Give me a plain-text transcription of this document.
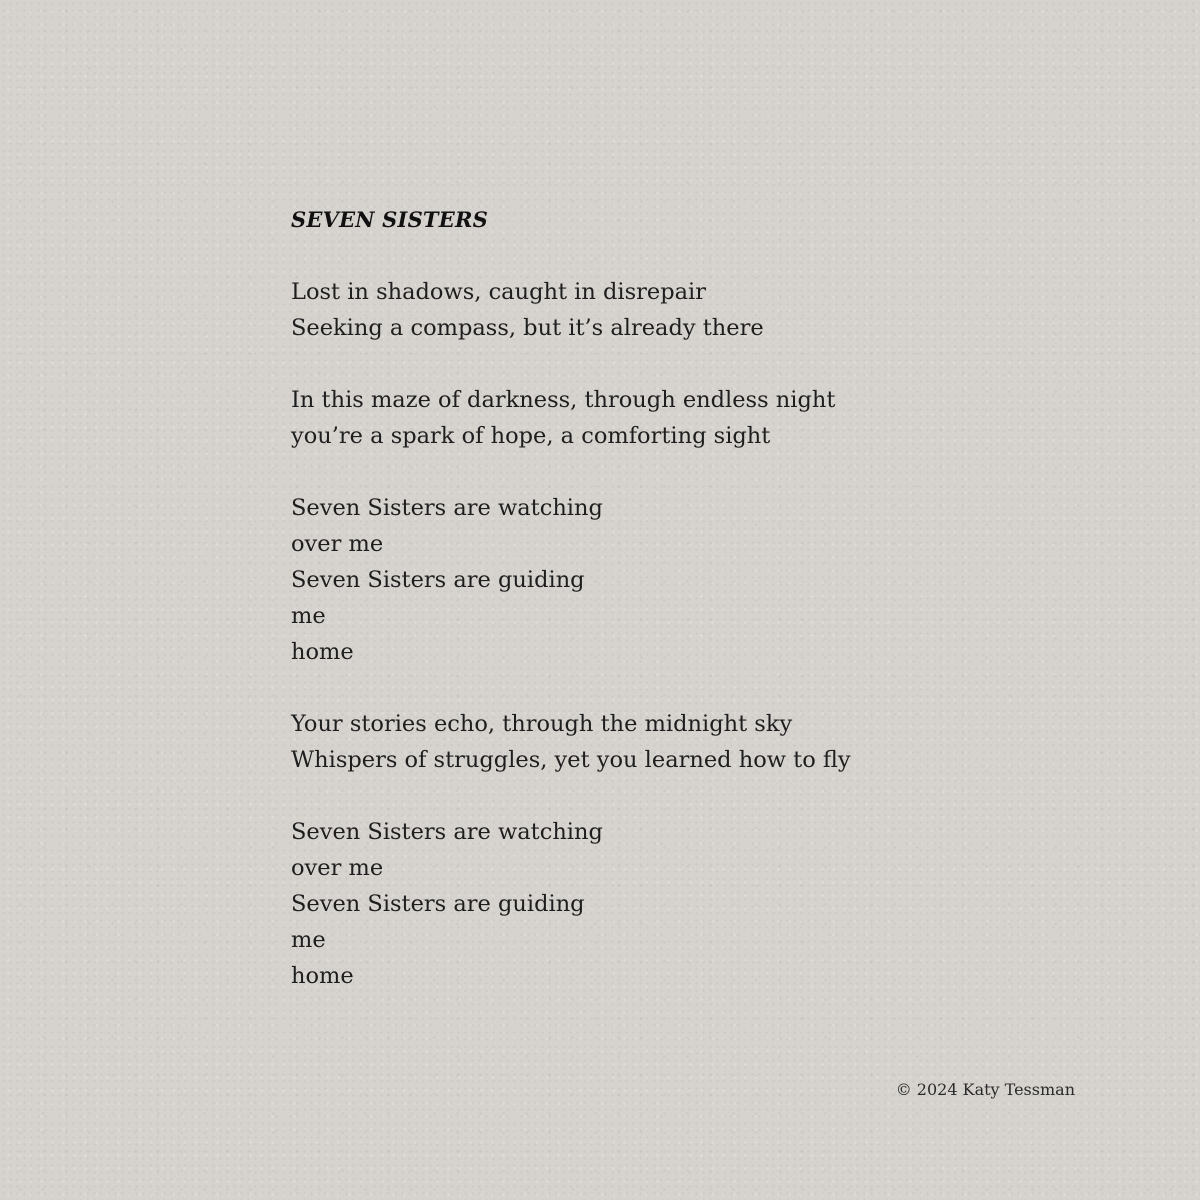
SEVEN SISTERS
Lost in shadows, caught in disrepair
Seeking a compass, but it’s already there
In this maze of darkness, through endless night
you’re a spark of hope, a comforting sight
Seven Sisters are watching
over me
Seven Sisters are guiding
me
home
Your stories echo, through the midnight sky
Whispers of struggles, yet you learned how to fly
Seven Sisters are watching
over me
Seven Sisters are guiding
me
home
© 2024 Katy Tessman
